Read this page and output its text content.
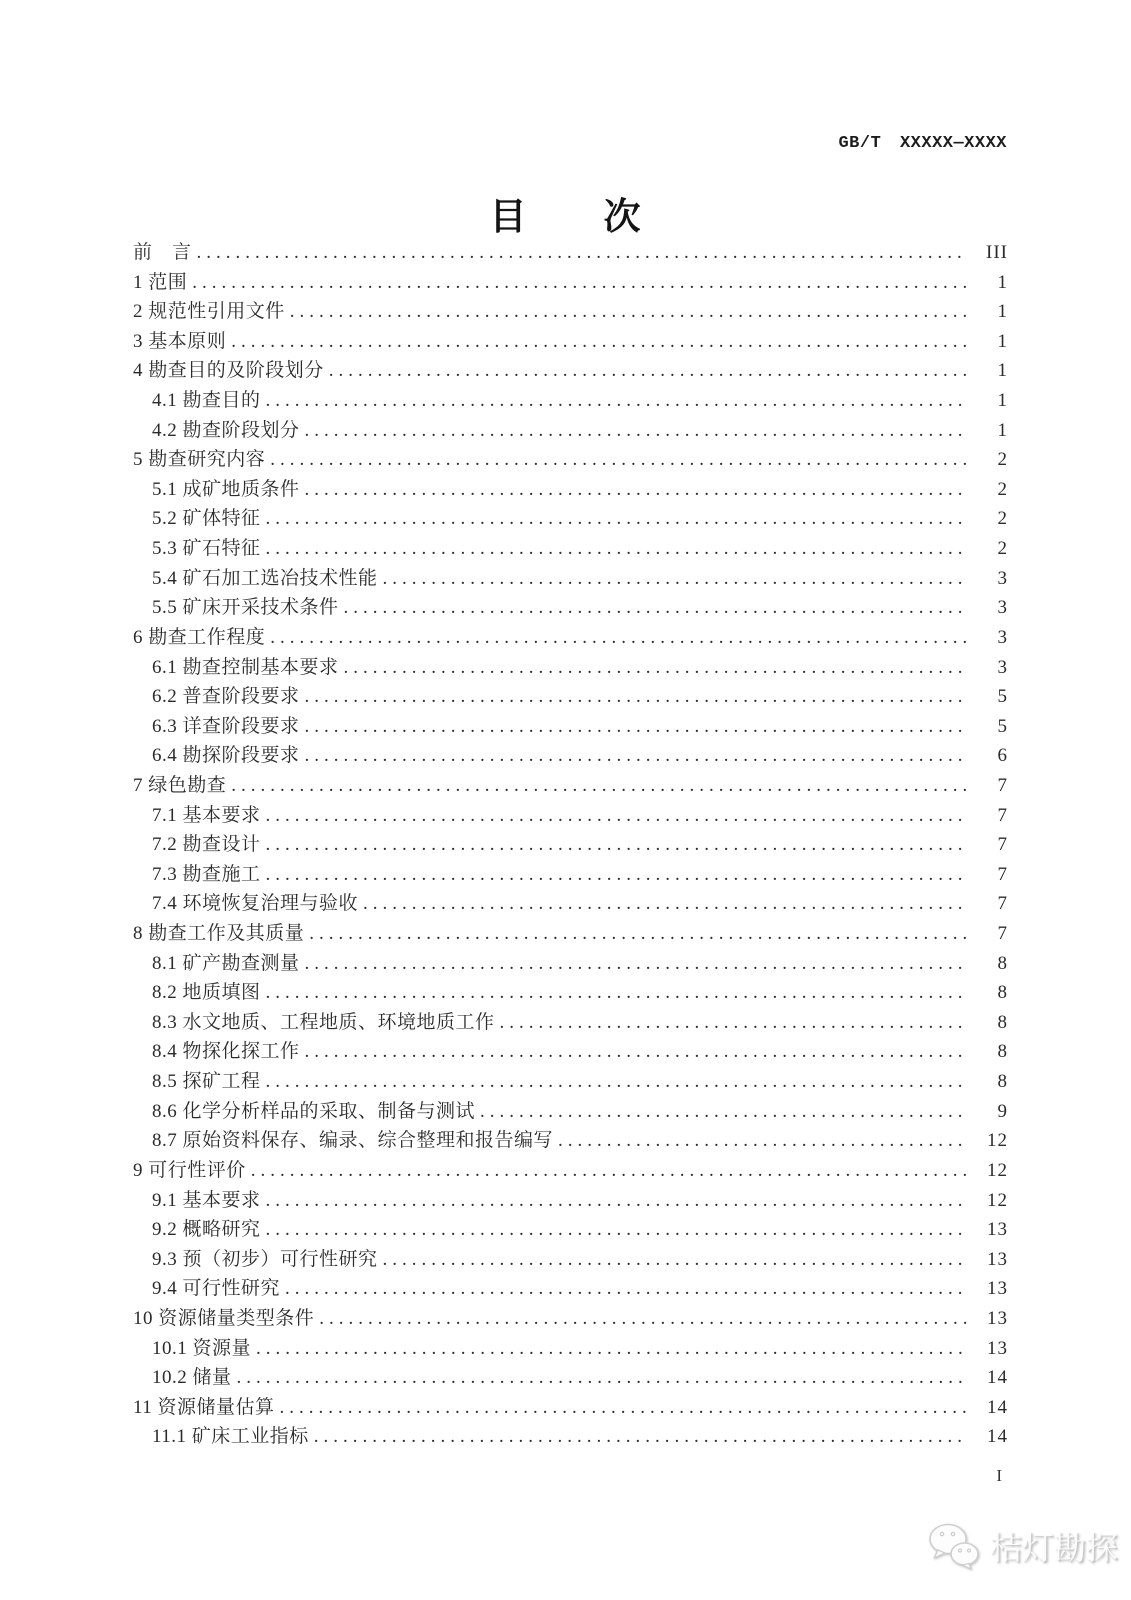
GB/T XXXXX—XXXX
目　　次
前　言 .....	III
1 范围 .....	1
2 规范性引用文件 .....	1
3 基本原则 .....	1
4 勘查目的及阶段划分 .....	1
4.1 勘查目的 .....	1
4.2 勘查阶段划分 .....	1
5 勘查研究内容 .....	2
5.1 成矿地质条件 .....	2
5.2 矿体特征 .....	2
5.3 矿石特征 .....	2
5.4 矿石加工选冶技术性能 .....	3
5.5 矿床开采技术条件 .....	3
6 勘查工作程度 .....	3
6.1 勘查控制基本要求 .....	3
6.2 普查阶段要求 .....	5
6.3 详查阶段要求 .....	5
6.4 勘探阶段要求 .....	6
7 绿色勘查 .....	7
7.1 基本要求 .....	7
7.2 勘查设计 .....	7
7.3 勘查施工 .....	7
7.4 环境恢复治理与验收 .....	7
8 勘查工作及其质量 .....	7
8.1 矿产勘查测量 .....	8
8.2 地质填图 .....	8
8.3 水文地质、工程地质、环境地质工作 .....	8
8.4 物探化探工作 .....	8
8.5 探矿工程 .....	8
8.6 化学分析样品的采取、制备与测试 .....	9
8.7 原始资料保存、编录、综合整理和报告编写 .....	12
9 可行性评价 .....	12
9.1 基本要求 .....	12
9.2 概略研究 .....	13
9.3 预（初步）可行性研究 .....	13
9.4 可行性研究 .....	13
10 资源储量类型条件 .....	13
10.1 资源量 .....	13
10.2 储量 .....	14
11 资源储量估算 .....	14
11.1 矿床工业指标 .....	14
I
桔灯勘探
